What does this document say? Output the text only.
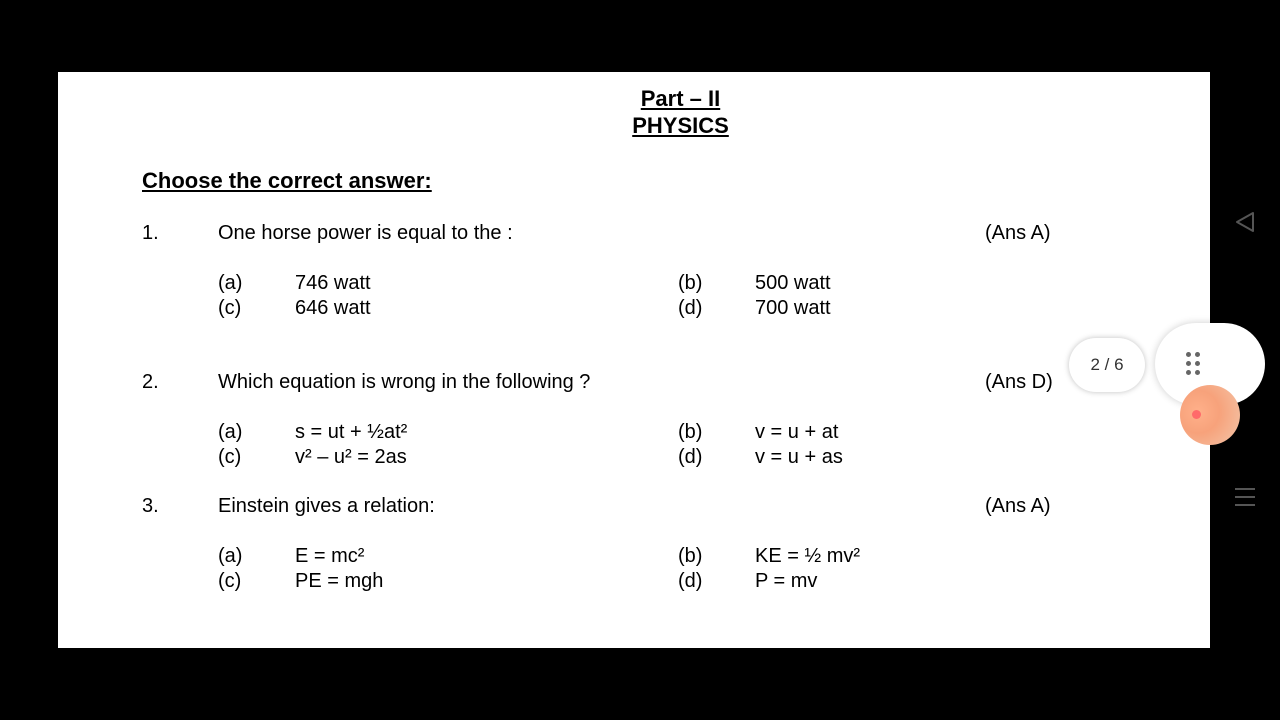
Part – II
PHYSICS
Choose the correct answer:
1.	One horse power is equal to the :	(Ans A)
(a)	746 watt	(b)	500 watt
(c)	646 watt	(d)	700 watt
2.	Which equation is wrong in the following ?	(Ans D)
(a)	s = ut + ½at²	(b)	v = u + at
(c)	v² – u² = 2as	(d)	v = u + as
3.	Einstein gives a relation:	(Ans A)
(a)	E = mc²	(b)	KE = ½ mv²
(c)	PE = mgh	(d)	P = mv
2 / 6
